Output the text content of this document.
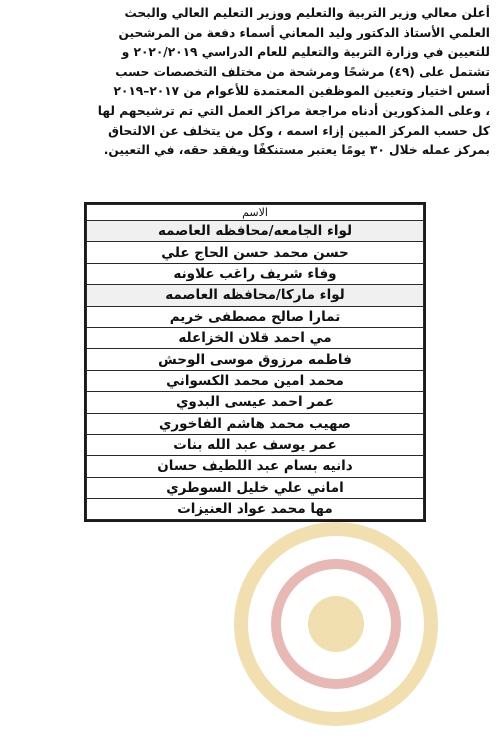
أعلن معالي وزير التربية والتعليم ووزير التعليم العالي والبحث

العلمي الأستاذ الدكتور وليد المعاني أسماء دفعة من المرشحين

للتعيين في وزارة التربية والتعليم للعام الدراسي ٢٠٢٠/٢٠١٩ و

تشتمل على (٤٩) مرشحًا ومرشحة من مختلف التخصصات حسب

أسس اختيار وتعيين الموظفين المعتمدة للأعوام من ٢٠١٧–٢٠١٩

، وعلى المذكورين أدناه مراجعة مراكز العمل التي تم ترشيحهم لها

كل حسب المركز المبين إزاء اسمه ، وكل من يتخلف عن الالتحاق

بمركز عمله خلال ٣٠ يومًا يعتبر مستنكفًا ويفقد حقه، في التعيين.

الاسم
لواء الجامعه/محافظه العاصمه
حسن محمد حسن الحاج علي
وفاء شريف راغب علاونه
لواء ماركا/محافظه العاصمه
تمارا صالح مصطفى خريم
مي احمد قلان الخزاعله
فاطمه مرزوق موسى الوحش
محمد امين محمد الكسواني
عمر احمد عيسى البدوي
صهيب محمد هاشم الفاخوري
عمر يوسف عبد الله بنات
دانيه بسام عبد اللطيف حسان
اماني علي خليل السوطري
مها محمد عواد العنيزات
